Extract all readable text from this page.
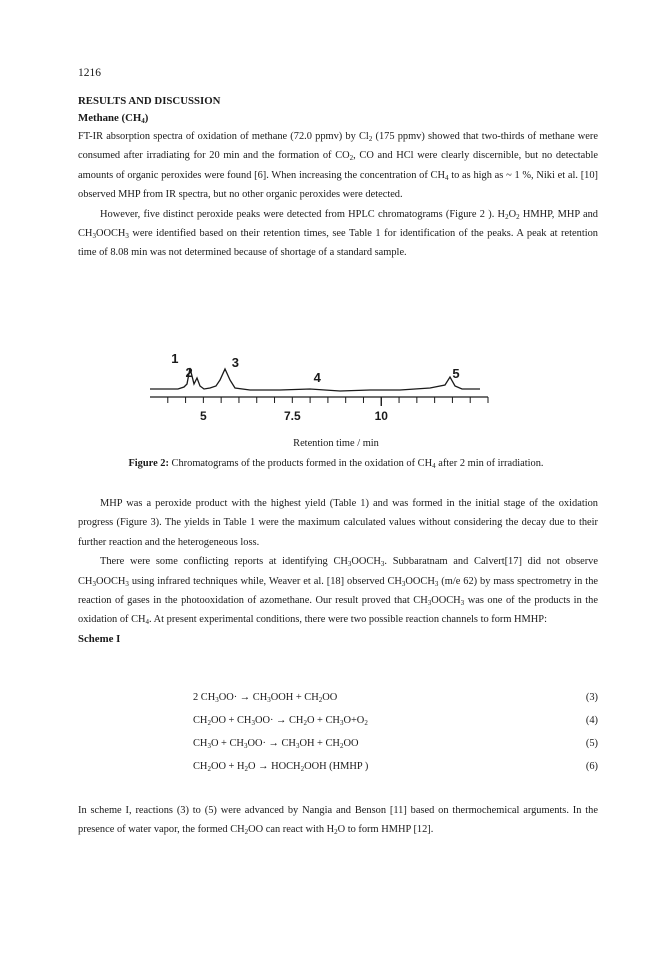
1216
RESULTS AND DISCUSSION
Methane $(CH_4)$

FT-IR absorption spectra of oxidation of methane (72.0 ppmv) by $Cl_2$ (175 ppmv) showed that two-thirds of methane were consumed after irradiating for 20 min and the formation of $CO_2$, CO and HCl were clearly discernible, but no detectable amounts of organic peroxides were found [6]. When increasing the concentration of $CH_4$ to as high as ~ 1 %, Niki et al. [10] observed MHP from IR spectra, but no other organic peroxides were detected.

However, five distinct peroxide peaks were detected from HPLC chromatograms (Figure 2 ). $H_2O_2$ HMHP, MHP and $CH_3OOCH_3$ were identified based on their retention times, see Table 1 for identification of the peaks. A peak at retention time of 8.08 min was not determined because of shortage of a standard sample.

1
2
3
4	5
5	7.5	10
Retention time / min
Figure 2: Chromatograms of the products formed in the oxidation of $CH_4$ after 2 min of irradiation.

MHP was a peroxide product with the highest yield (Table 1) and was formed in the initial stage of the oxidation progress (Figure 3). The yields in Table 1 were the maximum calculated values without considering the decay due to their further reaction and the heterogeneous loss.

There were some conflicting reports at identifying $CH_3OOCH_3$. Subbaratnam and Calvert[17] did not observe $CH_3OOCH_3$ using infrared techniques while, Weaver et al. [18] observed $CH_3OOCH_3$ (m/e 62) by mass spectrometry in the reaction of gases in the photooxidation of azomethane. Our result proved that $CH_3OOCH_3$ was one of the products in the oxidation of $CH_4$. At present experimental conditions, there were two possible reaction channels to form HMHP:

Scheme I
2 $CH_3OO\cdot \to CH_3OOH + CH_2OO$	(3)
$CH_2OO + CH_3OO\cdot \to CH_2O + CH_3O+O_2$	(4)
$CH_3O + CH_3OO\cdot \to CH_3OH + CH_2OO$	(5)
$CH_2OO + H_2O$ → $HOCH_2OOH$ (HMHP )	(6)

In scheme I, reactions (3) to (5) were advanced by Nangia and Benson [11] based on thermochemical arguments. In the presence of water vapor, the formed $CH_2OO$ can react with $H_2O$ to form HMHP [12].
